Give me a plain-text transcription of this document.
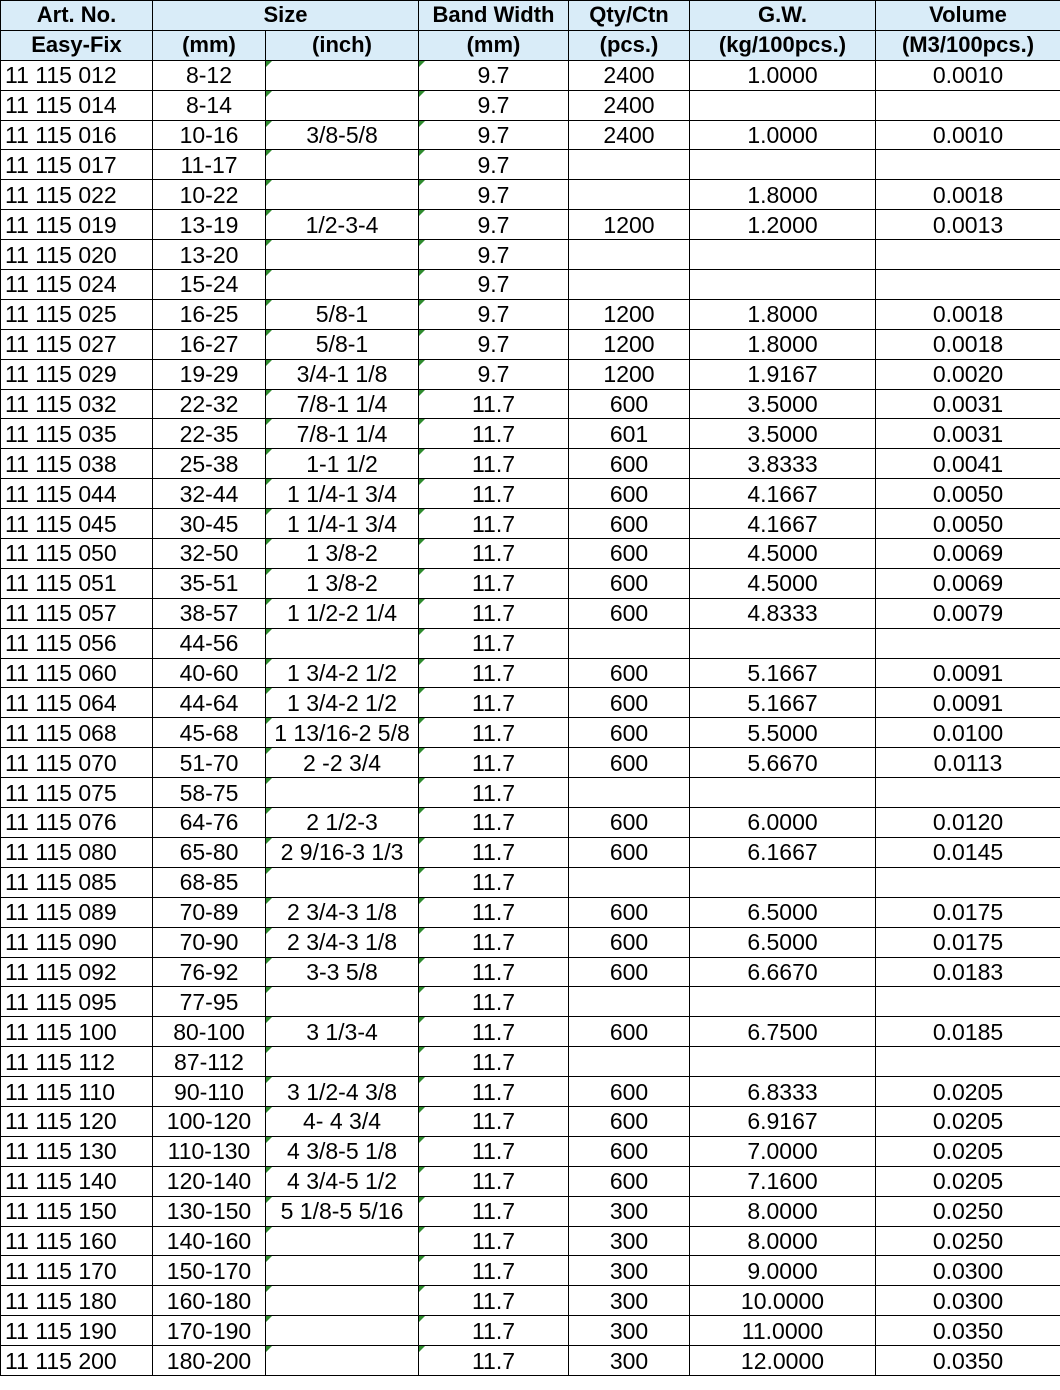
Art. No.	Size		Band Width	Qty/Ctn	G.W.	Volume
Easy-Fix	(mm)	(inch)	(mm)	(pcs.)	(kg/100pcs.)	(M3/100pcs.)
11 115 012	8-12		9.7	2400	1.0000	0.0010
11 115 014	8-14		9.7	2400		
11 115 016	10-16	3/8-5/8	9.7	2400	1.0000	0.0010
11 115 017	11-17		9.7			
11 115 022	10-22		9.7		1.8000	0.0018
11 115 019	13-19	1/2-3-4	9.7	1200	1.2000	0.0013
11 115 020	13-20		9.7			
11 115 024	15-24		9.7			
11 115 025	16-25	5/8-1	9.7	1200	1.8000	0.0018
11 115 027	16-27	5/8-1	9.7	1200	1.8000	0.0018
11 115 029	19-29	3/4-1 1/8	9.7	1200	1.9167	0.0020
11 115 032	22-32	7/8-1 1/4	11.7	600	3.5000	0.0031
11 115 035	22-35	7/8-1 1/4	11.7	601	3.5000	0.0031
11 115 038	25-38	1-1 1/2	11.7	600	3.8333	0.0041
11 115 044	32-44	1 1/4-1 3/4	11.7	600	4.1667	0.0050
11 115 045	30-45	1 1/4-1 3/4	11.7	600	4.1667	0.0050
11 115 050	32-50	1 3/8-2	11.7	600	4.5000	0.0069
11 115 051	35-51	1 3/8-2	11.7	600	4.5000	0.0069
11 115 057	38-57	1 1/2-2 1/4	11.7	600	4.8333	0.0079
11 115 056	44-56		11.7			
11 115 060	40-60	1 3/4-2 1/2	11.7	600	5.1667	0.0091
11 115 064	44-64	1 3/4-2 1/2	11.7	600	5.1667	0.0091
11 115 068	45-68	1 13/16-2 5/8	11.7	600	5.5000	0.0100
11 115 070	51-70	2 -2 3/4	11.7	600	5.6670	0.0113
11 115 075	58-75		11.7			
11 115 076	64-76	2 1/2-3	11.7	600	6.0000	0.0120
11 115 080	65-80	2 9/16-3 1/3	11.7	600	6.1667	0.0145
11 115 085	68-85		11.7			
11 115 089	70-89	2 3/4-3 1/8	11.7	600	6.5000	0.0175
11 115 090	70-90	2 3/4-3 1/8	11.7	600	6.5000	0.0175
11 115 092	76-92	3-3 5/8	11.7	600	6.6670	0.0183
11 115 095	77-95		11.7			
11 115 100	80-100	3 1/3-4	11.7	600	6.7500	0.0185
11 115 112	87-112		11.7			
11 115 110	90-110	3 1/2-4 3/8	11.7	600	6.8333	0.0205
11 115 120	100-120	4- 4 3/4	11.7	600	6.9167	0.0205
11 115 130	110-130	4 3/8-5 1/8	11.7	600	7.0000	0.0205
11 115 140	120-140	4 3/4-5 1/2	11.7	600	7.1600	0.0205
11 115 150	130-150	5 1/8-5 5/16	11.7	300	8.0000	0.0250
11 115 160	140-160		11.7	300	8.0000	0.0250
11 115 170	150-170		11.7	300	9.0000	0.0300
11 115 180	160-180		11.7	300	10.0000	0.0300
11 115 190	170-190		11.7	300	11.0000	0.0350
11 115 200	180-200		11.7	300	12.0000	0.0350
